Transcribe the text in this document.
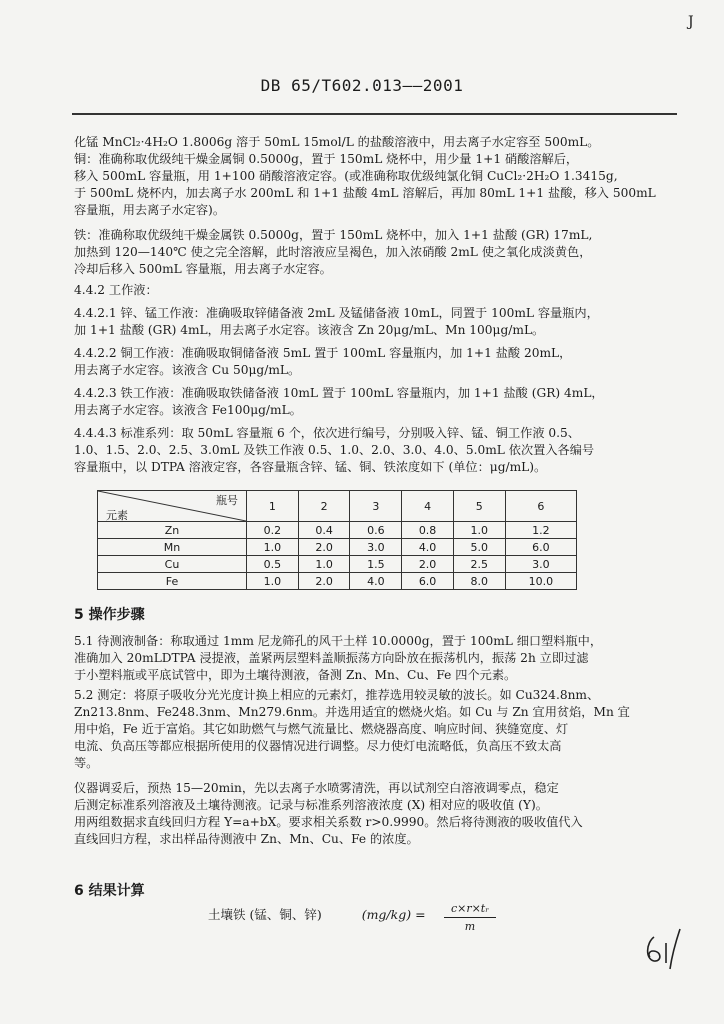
J
DB 65/T602.013——2001
化锰 MnCl₂·4H₂O 1.8006g 溶于 50mL 15mol/L 的盐酸溶液中，用去离子水定容至 500mL。
铜：准确称取优级纯干燥金属铜 0.5000g，置于 150mL 烧杯中，用少量 1+1 硝酸溶解后，
移入 500mL 容量瓶，用 1+100 硝酸溶液定容。(或准确称取优级纯氯化铜 CuCl₂·2H₂O 1.3415g,
于 500mL 烧杯内，加去离子水 200mL 和 1+1 盐酸 4mL 溶解后，再加 80mL 1+1 盐酸，移入 500mL
容量瓶，用去离子水定容)。
铁：准确称取优级纯干燥金属铁 0.5000g，置于 150mL 烧杯中，加入 1+1 盐酸 (GR) 17mL,
加热到 120—140℃ 使之完全溶解，此时溶液应呈褐色，加入浓硝酸 2mL 使之氧化成淡黄色，
冷却后移入 500mL 容量瓶，用去离子水定容。
4.4.2 工作液：
4.4.2.1 锌、锰工作液：准确吸取锌储备液 2mL 及锰储备液 10mL，同置于 100mL 容量瓶内，
加 1+1 盐酸 (GR) 4mL，用去离子水定容。该液含 Zn 20μg/mL、Mn 100μg/mL。
4.4.2.2 铜工作液：准确吸取铜储备液 5mL 置于 100mL 容量瓶内，加 1+1 盐酸 20mL，
用去离子水定容。该液含 Cu 50μg/mL。
4.4.2.3 铁工作液：准确吸取铁储备液 10mL 置于 100mL 容量瓶内，加 1+1 盐酸 (GR) 4mL，
用去离子水定容。该液含 Fe100μg/mL。
4.4.4.3 标准系列：取 50mL 容量瓶 6 个，依次进行编号，分别吸入锌、锰、铜工作液 0.5、
1.0、1.5、2.0、2.5、3.0mL 及铁工作液 0.5、1.0、2.0、3.0、4.0、5.0mL 依次置入各编号
容量瓶中，以 DTPA 溶液定容，各容量瓶含锌、锰、铜、铁浓度如下 (单位：μg/mL)。
瓶号
元素	1	2	3	4	5	6
Zn	0.2	0.4	0.6	0.8	1.0	1.2
Mn	1.0	2.0	3.0	4.0	5.0	6.0
Cu	0.5	1.0	1.5	2.0	2.5	3.0
Fe	1.0	2.0	4.0	6.0	8.0	10.0
5 操作步骤
5.1 待测液制备：称取通过 1mm 尼龙筛孔的风干土样 10.0000g，置于 100mL 细口塑料瓶中，
准确加入 20mLDTPA 浸提液，盖紧两层塑料盖顺振荡方向卧放在振荡机内，振荡 2h 立即过滤
于小塑料瓶或平底试管中，即为土壤待测液，备测 Zn、Mn、Cu、Fe 四个元素。
5.2 测定：将原子吸收分光光度计换上相应的元素灯，推荐选用较灵敏的波长。如 Cu324.8nm、
Zn213.8nm、Fe248.3nm、Mn279.6nm。并选用适宜的燃烧火焰。如 Cu 与 Zn 宜用贫焰，Mn 宜
用中焰，Fe 近于富焰。其它如助燃气与燃气流量比、燃烧器高度、响应时间、狭缝宽度、灯
电流、负高压等都应根据所使用的仪器情况进行调整。尽力使灯电流略低，负高压不致太高
等。
仪器调妥后，预热 15—20min，先以去离子水喷雾清洗，再以试剂空白溶液调零点，稳定
后测定标准系列溶液及土壤待测液。记录与标准系列溶液浓度 (X) 相对应的吸收值 (Y)。
用两组数据求直线回归方程 Y=a+bX。要求相关系数 r>0.9990。然后将待测液的吸收值代入
直线回归方程，求出样品待测液中 Zn、Mn、Cu、Fe 的浓度。
6 结果计算
土壤铁 (锰、铜、锌)	$(mg/kg) = \frac{\text{c×r×tᵣ}}{m}$
